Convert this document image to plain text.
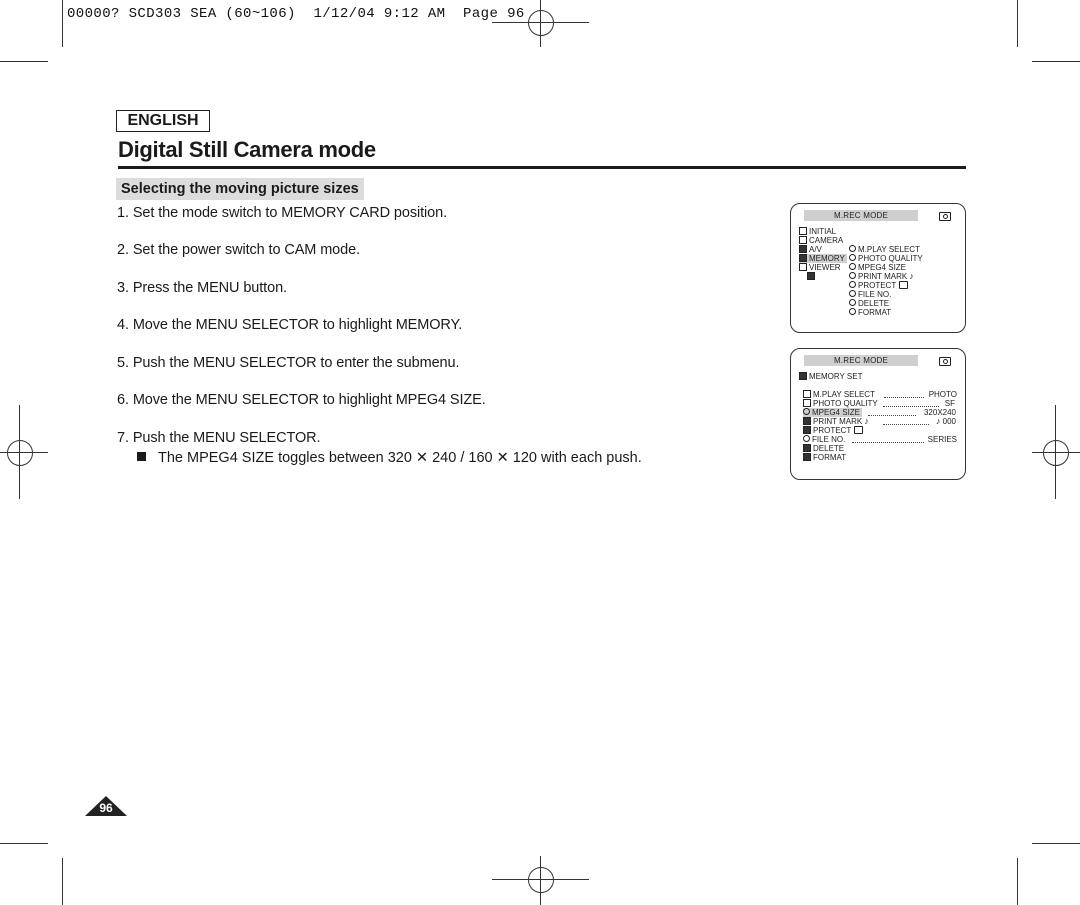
00000? SCD303 SEA (60~106)  1/12/04 9:12 AM  Page 96
ENGLISH
Digital Still Camera mode
Selecting the moving picture sizes
1. Set the mode switch to MEMORY CARD position.
2. Set the power switch to CAM mode.
3. Press the MENU button.
4. Move the MENU SELECTOR to highlight MEMORY.
5. Push the MENU SELECTOR to enter the submenu.
6. Move the MENU SELECTOR to highlight MPEG4 SIZE.
7. Push the MENU SELECTOR.
The MPEG4 SIZE toggles between 320 ✕ 240 / 160 ✕ 120 with each push.
M.REC MODE
INITIAL
CAMERA
A/V
MEMORY
VIEWER
M.PLAY SELECT
PHOTO QUALITY
MPEG4 SIZE
PRINT MARK ♪
PROTECT
FILE NO.
DELETE
FORMAT
M.REC MODE
MEMORY SET
M.PLAY SELECT	PHOTO
PHOTO QUALITY	SF
MPEG4 SIZE	320X240
PRINT MARK ♪	♪ 000
PROTECT
FILE NO.	SERIES
DELETE
FORMAT
96
